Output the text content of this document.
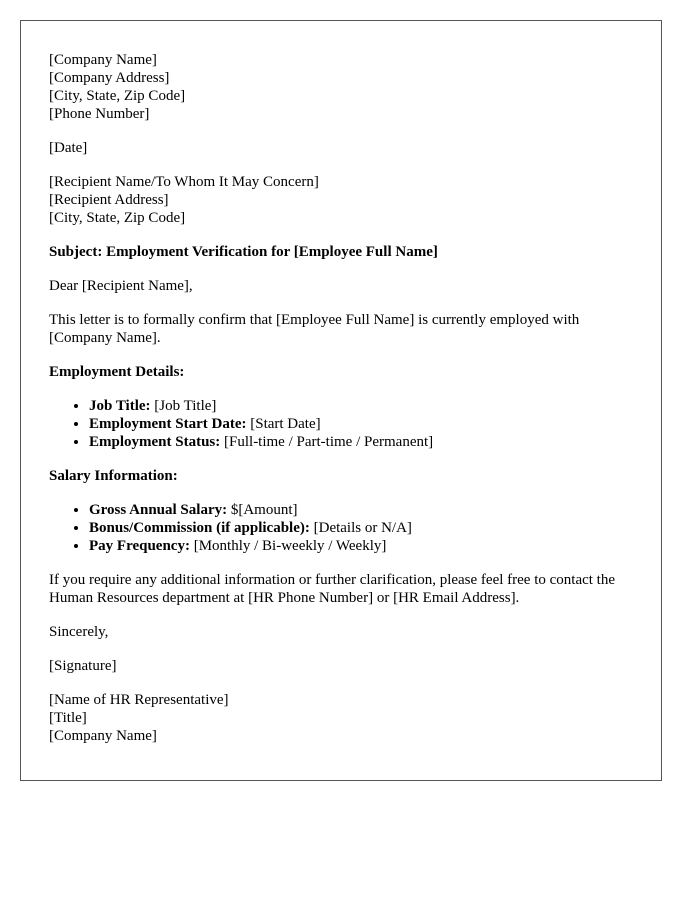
[Company Name]
[Company Address]
[City, State, Zip Code]
[Phone Number]

[Date]

[Recipient Name/To Whom It May Concern]
[Recipient Address]
[City, State, Zip Code]

Subject: Employment Verification for [Employee Full Name]

Dear [Recipient Name],

This letter is to formally confirm that [Employee Full Name] is currently employed with [Company Name].

Employment Details:

• Job Title: [Job Title]
• Employment Start Date: [Start Date]
• Employment Status: [Full-time / Part-time / Permanent]

Salary Information:

• Gross Annual Salary: $[Amount]
• Bonus/Commission (if applicable): [Details or N/A]
• Pay Frequency: [Monthly / Bi-weekly / Weekly]

If you require any additional information or further clarification, please feel free to contact the Human Resources department at [HR Phone Number] or [HR Email Address].

Sincerely,

[Signature]

[Name of HR Representative]
[Title]
[Company Name]
